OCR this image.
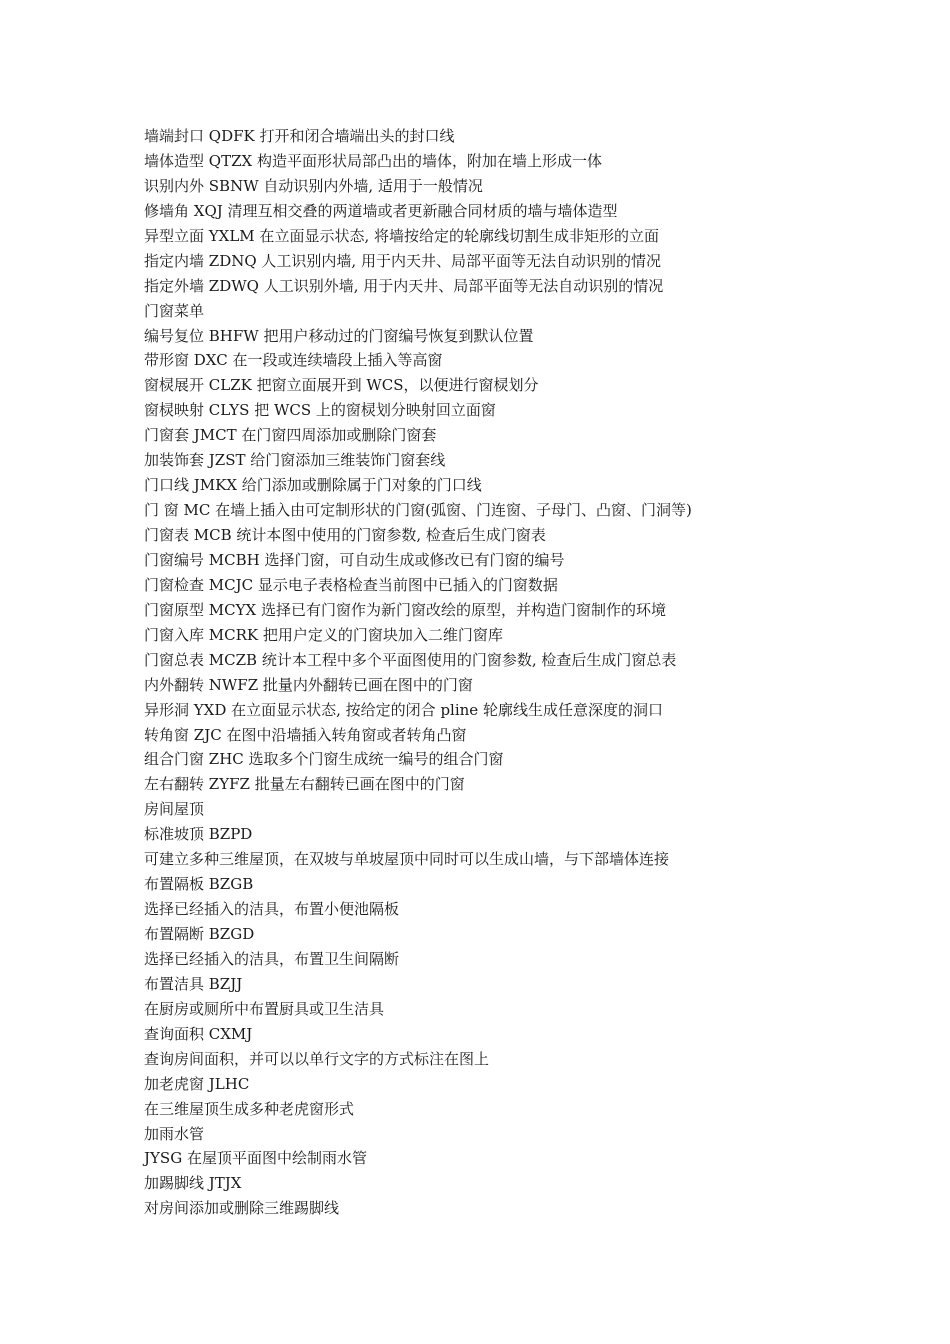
墙端封口 QDFK 打开和闭合墙端出头的封口线
墙体造型 QTZX 构造平面形状局部凸出的墙体，附加在墙上形成一体
识别内外 SBNW 自动识别内外墙, 适用于一般情况
修墙角 XQJ 清理互相交叠的两道墙或者更新融合同材质的墙与墙体造型
异型立面 YXLM 在立面显示状态, 将墙按给定的轮廓线切割生成非矩形的立面
指定内墙 ZDNQ 人工识别内墙, 用于内天井、局部平面等无法自动识别的情况
指定外墙 ZDWQ 人工识别外墙, 用于内天井、局部平面等无法自动识别的情况
门窗菜单
编号复位 BHFW 把用户移动过的门窗编号恢复到默认位置
带形窗 DXC 在一段或连续墙段上插入等高窗
窗棂展开 CLZK 把窗立面展开到 WCS，以便进行窗棂划分
窗棂映射 CLYS 把 WCS 上的窗棂划分映射回立面窗
门窗套 JMCT 在门窗四周添加或删除门窗套
加装饰套 JZST 给门窗添加三维装饰门窗套线
门口线 JMKX 给门添加或删除属于门对象的门口线
门 窗 MC 在墙上插入由可定制形状的门窗(弧窗、门连窗、子母门、凸窗、门洞等)
门窗表 MCB 统计本图中使用的门窗参数, 检查后生成门窗表
门窗编号 MCBH 选择门窗，可自动生成或修改已有门窗的编号
门窗检查 MCJC 显示电子表格检查当前图中已插入的门窗数据
门窗原型 MCYX 选择已有门窗作为新门窗改绘的原型，并构造门窗制作的环境
门窗入库 MCRK 把用户定义的门窗块加入二维门窗库
门窗总表 MCZB 统计本工程中多个平面图使用的门窗参数, 检查后生成门窗总表
内外翻转 NWFZ 批量内外翻转已画在图中的门窗
异形洞 YXD 在立面显示状态, 按给定的闭合 pline 轮廓线生成任意深度的洞口
转角窗 ZJC 在图中沿墙插入转角窗或者转角凸窗
组合门窗 ZHC 选取多个门窗生成统一编号的组合门窗
左右翻转 ZYFZ 批量左右翻转已画在图中的门窗
房间屋顶
标准坡顶 BZPD
可建立多种三维屋顶，在双坡与单坡屋顶中同时可以生成山墙，与下部墙体连接
布置隔板 BZGB
选择已经插入的洁具，布置小便池隔板
布置隔断 BZGD
选择已经插入的洁具，布置卫生间隔断
布置洁具 BZJJ
在厨房或厕所中布置厨具或卫生洁具
查询面积 CXMJ
查询房间面积，并可以以单行文字的方式标注在图上
加老虎窗 JLHC
在三维屋顶生成多种老虎窗形式
加雨水管
JYSG 在屋顶平面图中绘制雨水管
加踢脚线 JTJX
对房间添加或删除三维踢脚线
